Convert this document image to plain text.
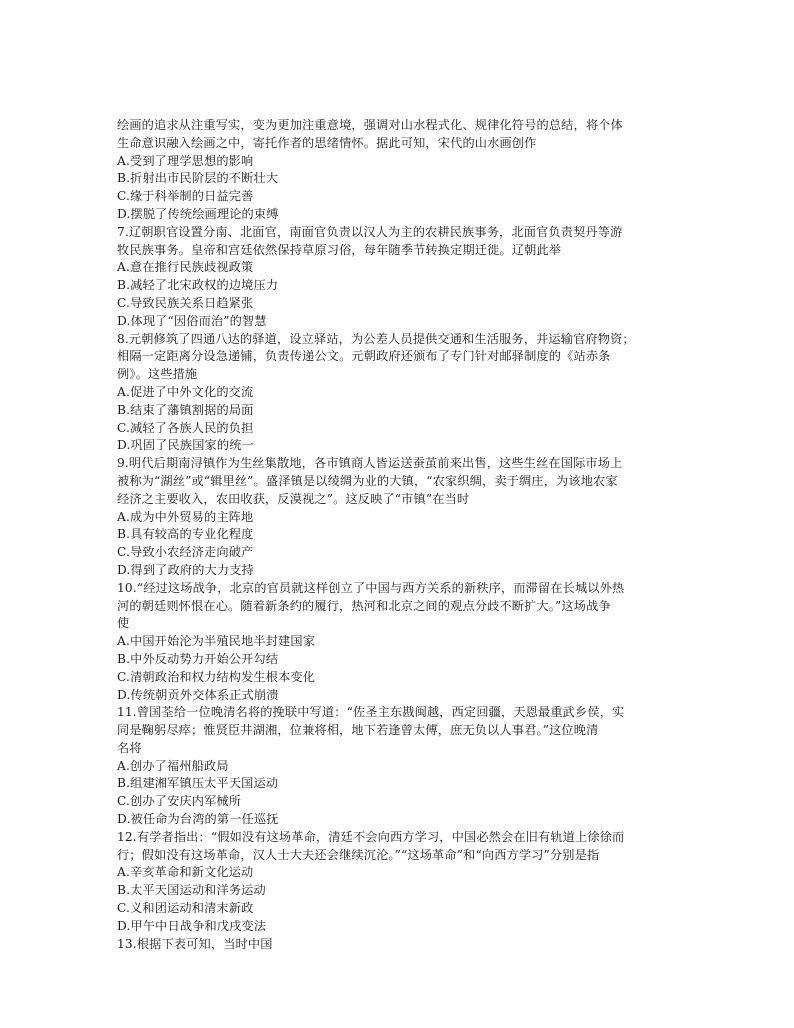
绘画的追求从注重写实，变为更加注重意境，强调对山水程式化、规律化符号的总结，将个体
生命意识融入绘画之中，寄托作者的思绪情怀。据此可知，宋代的山水画创作
A.受到了理学思想的影响
B.折射出市民阶层的不断壮大
C.缘于科举制的日益完善
D.摆脱了传统绘画理论的束缚
7.辽朝职官设置分南、北面官，南面官负责以汉人为主的农耕民族事务，北面官负责契丹等游
牧民族事务。皇帝和宫廷依然保持草原习俗，每年随季节转换定期迁徙。辽朝此举
A.意在推行民族歧视政策
B.减轻了北宋政权的边境压力
C.导致民族关系日趋紧张
D.体现了“因俗而治”的智慧
8.元朝修筑了四通八达的驿道，设立驿站，为公差人员提供交通和生活服务，并运输官府物资；
相隔一定距离分设急递铺，负责传递公文。元朝政府还颁布了专门针对邮驿制度的《站赤条
例》。这些措施
A.促进了中外文化的交流
B.结束了藩镇割据的局面
C.减轻了各族人民的负担
D.巩固了民族国家的统一
9.明代后期南浔镇作为生丝集散地，各市镇商人皆运送蚕茧前来出售，这些生丝在国际市场上
被称为“湖丝”或“辑里丝”。盛泽镇是以绫绸为业的大镇，“农家织绸，卖于绸庄，为该地农家
经济之主要收入，农田收获，反漠视之”。这反映了“市镇”在当时
A.成为中外贸易的主阵地
B.具有较高的专业化程度
C.导致小农经济走向破产
D.得到了政府的大力支持
10.“经过这场战争，北京的官员就这样创立了中国与西方关系的新秩序，而滞留在长城以外热
河的朝廷则怀恨在心。随着新条约的履行，热河和北京之间的观点分歧不断扩大。”这场战争
使
A.中国开始沦为半殖民地半封建国家
B.中外反动势力开始公开勾结
C.清朝政治和权力结构发生根本变化
D.传统朝贡外交体系正式崩溃
11.曾国荃给一位晚清名将的挽联中写道：“佐圣主东戡闽越，西定回疆，天恩最重武乡侯，实
同是鞠躬尽瘁；惟贤臣井湖湘，位兼将相，地下若逢曾太傅，庶无负以人事君。”这位晚清
名将
A.创办了福州船政局
B.组建湘军镇压太平天国运动
C.创办了安庆内军械所
D.被任命为台湾的第一任巡抚
12.有学者指出：“假如没有这场革命，清廷不会向西方学习，中国必然会在旧有轨道上徐徐而
行；假如没有这场革命，汉人士大夫还会继续沉沦。”“这场革命”和“向西方学习”分别是指
A.辛亥革命和新文化运动
B.太平天国运动和洋务运动
C.义和团运动和清末新政
D.甲午中日战争和戊戌变法
13.根据下表可知，当时中国
